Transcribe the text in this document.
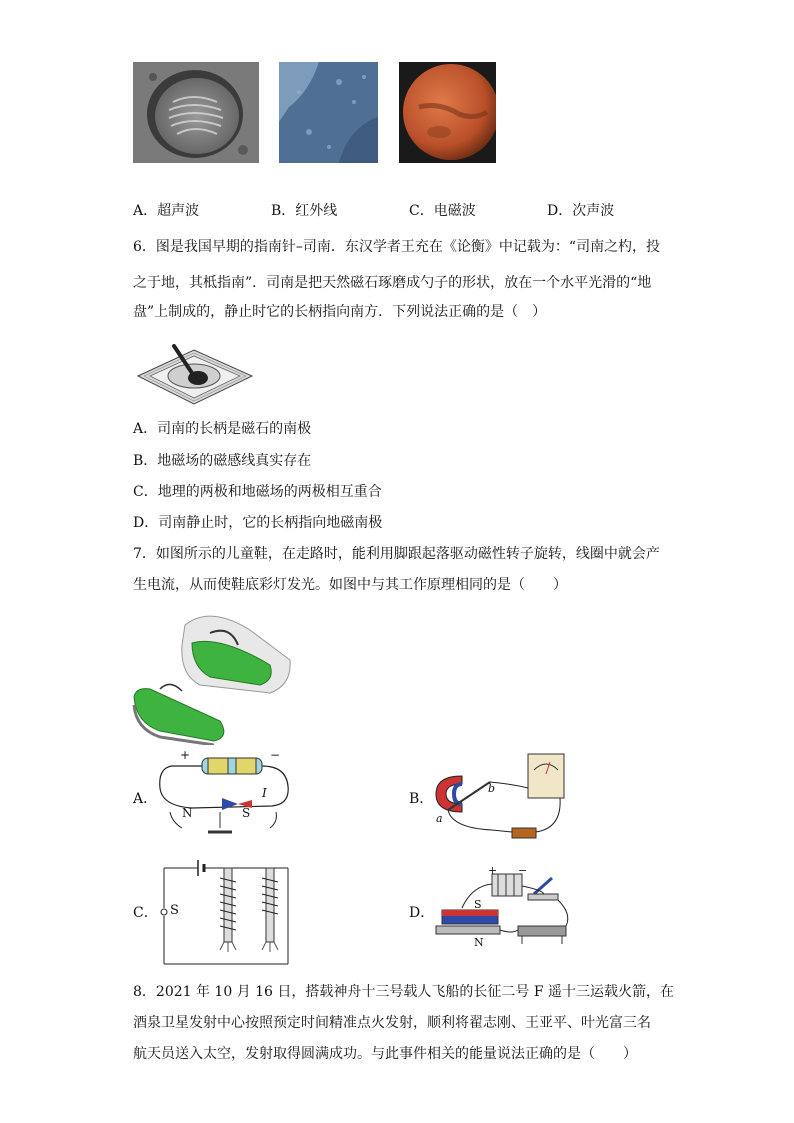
A．超声波	B．红外线	C．电磁波	D．次声波
6．图是我国早期的指南针–司南．东汉学者王充在《论衡》中记载为：“司南之杓，投
之于地，其柢指南”．司南是把天然磁石琢磨成勺子的形状，放在一个水平光滑的“地
盘”上制成的，静止时它的长柄指向南方．下列说法正确的是（　）
A．司南的长柄是磁石的南极
B．地磁场的磁感线真实存在
C．地理的两极和地磁场的两极相互重合
D．司南静止时，它的长柄指向地磁南极
7．如图所示的儿童鞋，在走路时，能利用脚跟起落驱动磁性转子旋转，线圈中就会产
生电流，从而使鞋底彩灯发光。如图中与其工作原理相同的是（　　）
A．
+	−
I
N	S
B．
a
b
C． S	D．
+ −
S
N
8．2021 年 10 月 16 日，搭载神舟十三号载人飞船的长征二号 F 遥十三运载火箭，在
酒泉卫星发射中心按照预定时间精准点火发射，顺利将翟志刚、王亚平、叶光富三名
航天员送入太空，发射取得圆满成功。与此事件相关的能量说法正确的是（　　）
